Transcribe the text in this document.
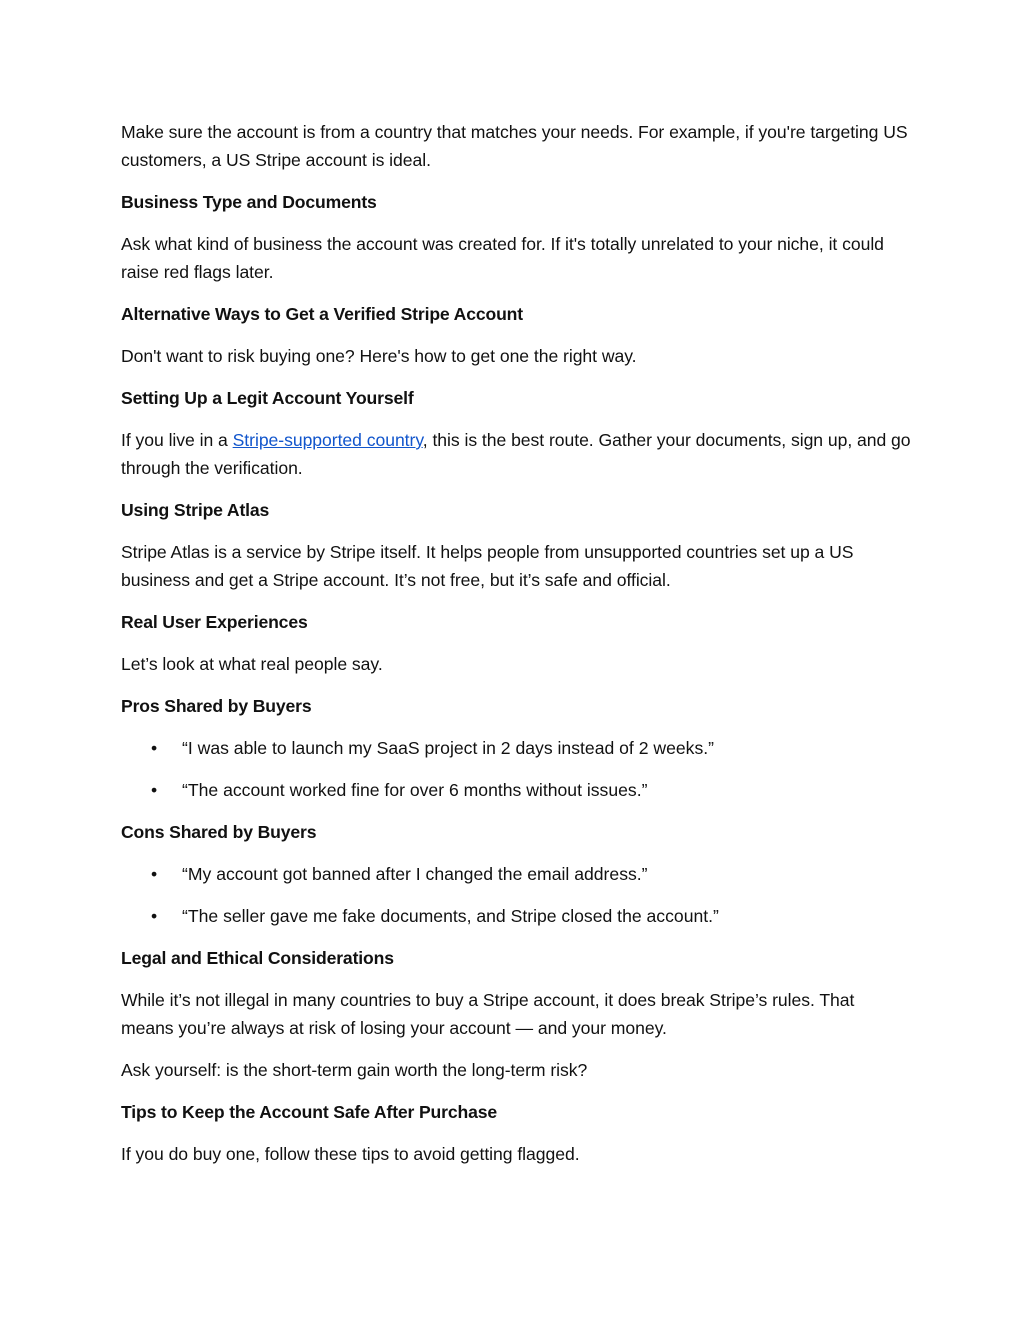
Make sure the account is from a country that matches your needs. For example, if you're targeting US customers, a US Stripe account is ideal.

Business Type and Documents

Ask what kind of business the account was created for. If it's totally unrelated to your niche, it could raise red flags later.

Alternative Ways to Get a Verified Stripe Account

Don't want to risk buying one? Here's how to get one the right way.

Setting Up a Legit Account Yourself

If you live in a Stripe-supported country, this is the best route. Gather your documents, sign up, and go through the verification.

Using Stripe Atlas

Stripe Atlas is a service by Stripe itself. It helps people from unsupported countries set up a US business and get a Stripe account. It’s not free, but it’s safe and official.

Real User Experiences

Let’s look at what real people say.

Pros Shared by Buyers

• “I was able to launch my SaaS project in 2 days instead of 2 weeks.”
• “The account worked fine for over 6 months without issues.”

Cons Shared by Buyers

• “My account got banned after I changed the email address.”
• “The seller gave me fake documents, and Stripe closed the account.”

Legal and Ethical Considerations

While it’s not illegal in many countries to buy a Stripe account, it does break Stripe’s rules. That means you’re always at risk of losing your account — and your money.

Ask yourself: is the short-term gain worth the long-term risk?

Tips to Keep the Account Safe After Purchase

If you do buy one, follow these tips to avoid getting flagged.
